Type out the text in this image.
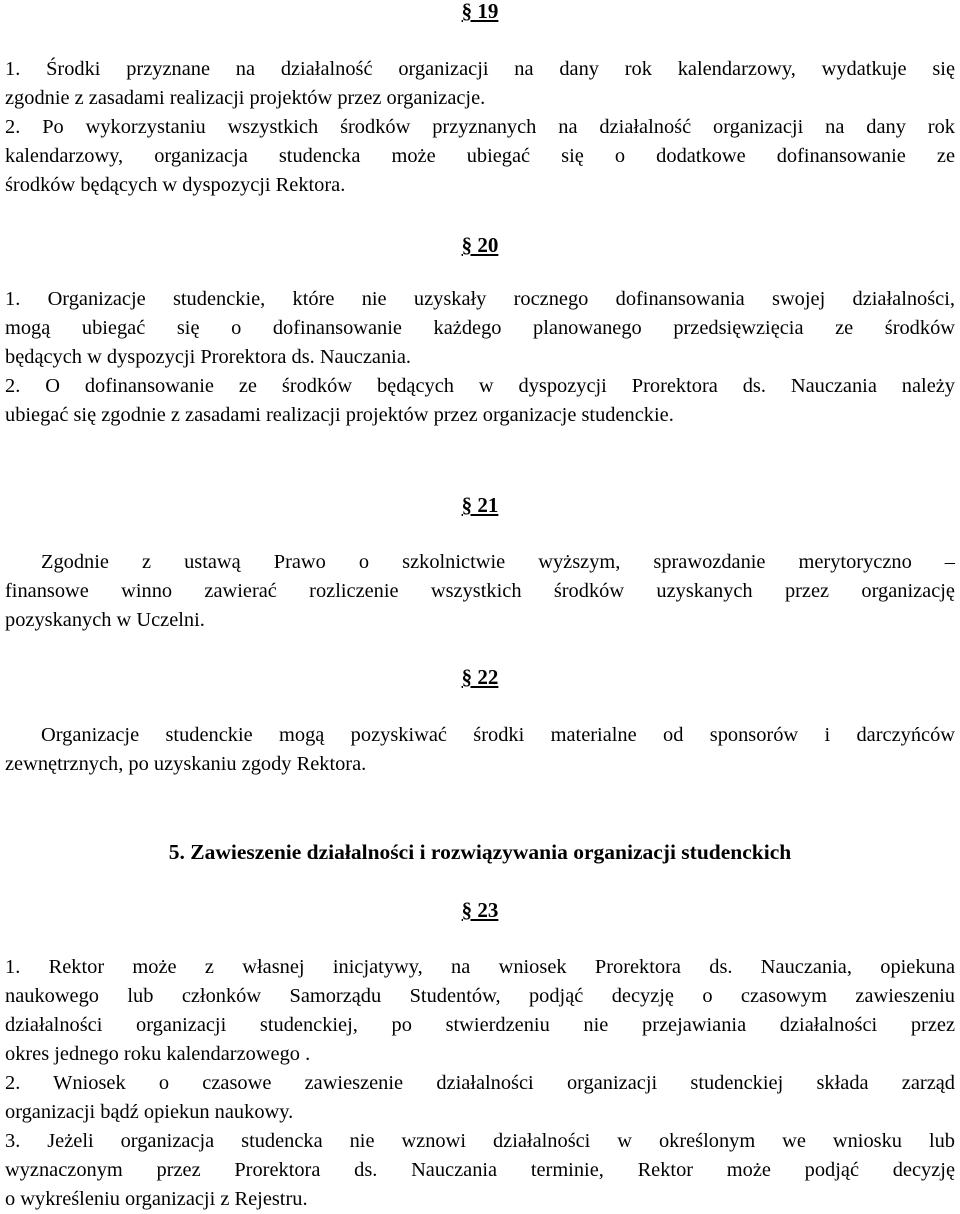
§ 19
1. Środki przyznane na działalność organizacji na dany rok kalendarzowy, wydatkuje się
zgodnie z zasadami realizacji projektów przez organizacje.
2. Po wykorzystaniu wszystkich środków przyznanych na działalność organizacji na dany rok
kalendarzowy, organizacja studencka może ubiegać się o dodatkowe dofinansowanie ze
środków będących w dyspozycji Rektora.
§ 20
1. Organizacje studenckie, które nie uzyskały rocznego dofinansowania swojej działalności,
mogą ubiegać się o dofinansowanie każdego planowanego przedsięwzięcia ze środków
będących w dyspozycji Prorektora ds. Nauczania.
2. O dofinansowanie ze środków będących w dyspozycji Prorektora ds. Nauczania należy
ubiegać się zgodnie z zasadami realizacji projektów przez organizacje studenckie.
§ 21
Zgodnie z ustawą Prawo o szkolnictwie wyższym, sprawozdanie merytoryczno –
finansowe winno zawierać rozliczenie wszystkich środków uzyskanych przez organizację
pozyskanych w Uczelni.
§ 22
Organizacje studenckie mogą pozyskiwać środki materialne od sponsorów i darczyńców
zewnętrznych, po uzyskaniu zgody Rektora.
5. Zawieszenie działalności i rozwiązywania organizacji studenckich
§ 23
1. Rektor może z własnej inicjatywy, na wniosek Prorektora ds. Nauczania, opiekuna
naukowego lub członków Samorządu Studentów, podjąć decyzję o czasowym zawieszeniu
działalności organizacji studenckiej, po stwierdzeniu nie przejawiania działalności przez
okres jednego roku kalendarzowego .
2. Wniosek o czasowe zawieszenie działalności organizacji studenckiej składa zarząd
organizacji bądź opiekun naukowy.
3. Jeżeli organizacja studencka nie wznowi działalności w określonym we wniosku lub
wyznaczonym przez Prorektora ds. Nauczania terminie, Rektor może podjąć decyzję
o wykreśleniu organizacji z Rejestru.
